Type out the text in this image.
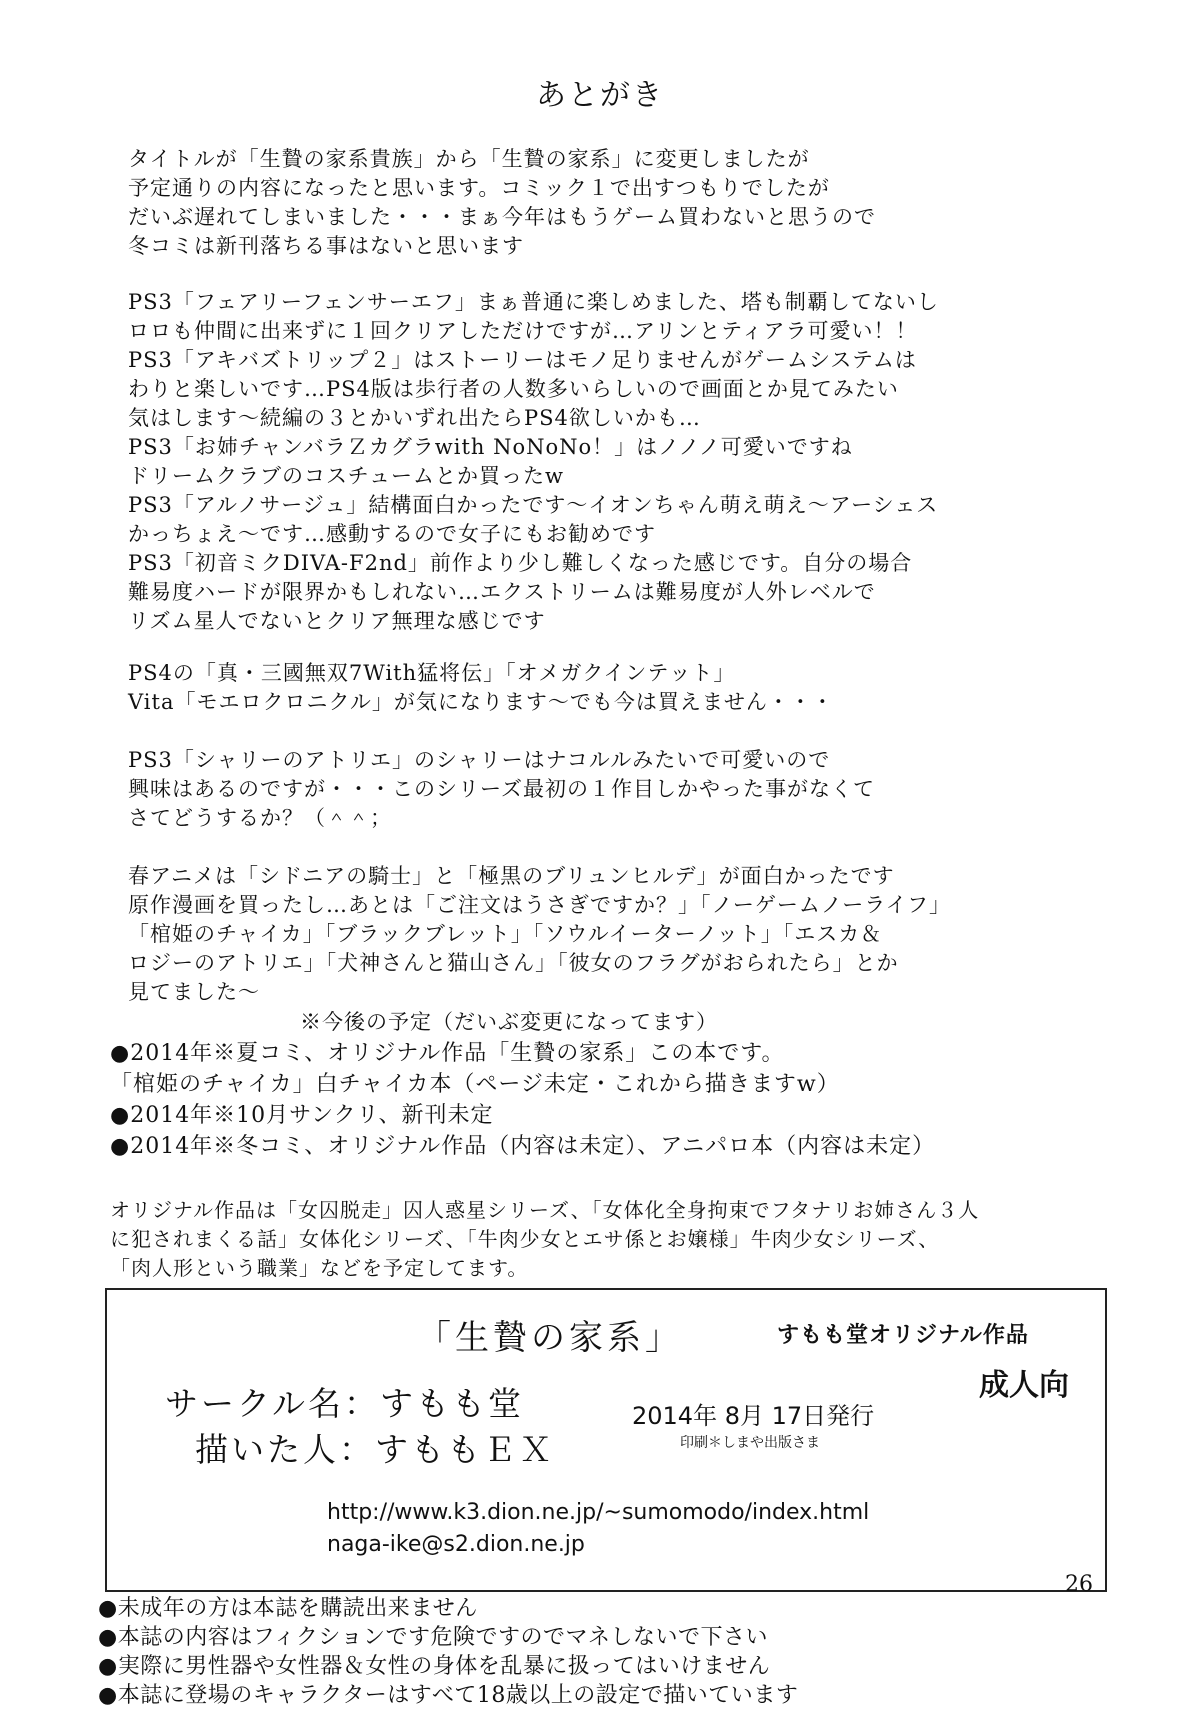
あとがき
タイトルが「生贄の家系貴族」から「生贄の家系」に変更しましたが
予定通りの内容になったと思います。コミック１で出すつもりでしたが
だいぶ遅れてしまいました・・・まぁ今年はもうゲーム買わないと思うので
冬コミは新刊落ちる事はないと思います
PS3「フェアリーフェンサーエフ」まぁ普通に楽しめました、塔も制覇してないし
ロロも仲間に出来ずに１回クリアしただけですが…アリンとティアラ可愛い！！
PS3「アキバズトリップ２」はストーリーはモノ足りませんがゲームシステムは
わりと楽しいです…PS4版は歩行者の人数多いらしいので画面とか見てみたい
気はします～続編の３とかいずれ出たらPS4欲しいかも…
PS3「お姉チャンバラＺカグラwith NoNoNo！」はノノノ可愛いですね
ドリームクラブのコスチュームとか買ったw
PS3「アルノサージュ」結構面白かったです～イオンちゃん萌え萌え～アーシェス
かっちょえ～です…感動するので女子にもお勧めです
PS3「初音ミクDIVA-F2nd」前作より少し難しくなった感じです。自分の場合
難易度ハードが限界かもしれない…エクストリームは難易度が人外レベルで
リズム星人でないとクリア無理な感じです
PS4の「真・三國無双7With猛将伝」「オメガクインテット」
Vita「モエロクロニクル」が気になります～でも今は買えません・・・
PS3「シャリーのアトリエ」のシャリーはナコルルみたいで可愛いので
興味はあるのですが・・・このシリーズ最初の１作目しかやった事がなくて
さてどうするか？（＾＾；
春アニメは「シドニアの騎士」と「極黒のブリュンヒルデ」が面白かったです
原作漫画を買ったし…あとは「ご注文はうさぎですか？」「ノーゲームノーライフ」
「棺姫のチャイカ」「ブラックブレット」「ソウルイーターノット」「エスカ＆
ロジーのアトリエ」「犬神さんと猫山さん」「彼女のフラグがおられたら」とか
見てました～
※今後の予定（だいぶ変更になってます）
●2014年※夏コミ、オリジナル作品「生贄の家系」この本です。
「棺姫のチャイカ」白チャイカ本（ページ未定・これから描きますw）
●2014年※10月サンクリ、新刊未定
●2014年※冬コミ、オリジナル作品（内容は未定）、アニパロ本（内容は未定）
オリジナル作品は「女囚脱走」囚人惑星シリーズ、「女体化全身拘束でフタナリお姉さん３人
に犯されまくる話」女体化シリーズ、「牛肉少女とエサ係とお嬢様」牛肉少女シリーズ、
「肉人形という職業」などを予定してます。
「生贄の家系」	すもも堂オリジナル作品
成人向
サークル名：すもも堂
描いた人：すももＥＸ
2014年 8月 17日発行
印刷＊しまや出版さま
http://www.k3.dion.ne.jp/~sumomodo/index.html
naga-ike@s2.dion.ne.jp
26
●未成年の方は本誌を購読出来ません
●本誌の内容はフィクションです危険ですのでマネしないで下さい
●実際に男性器や女性器＆女性の身体を乱暴に扱ってはいけません
●本誌に登場のキャラクターはすべて18歳以上の設定で描いています
